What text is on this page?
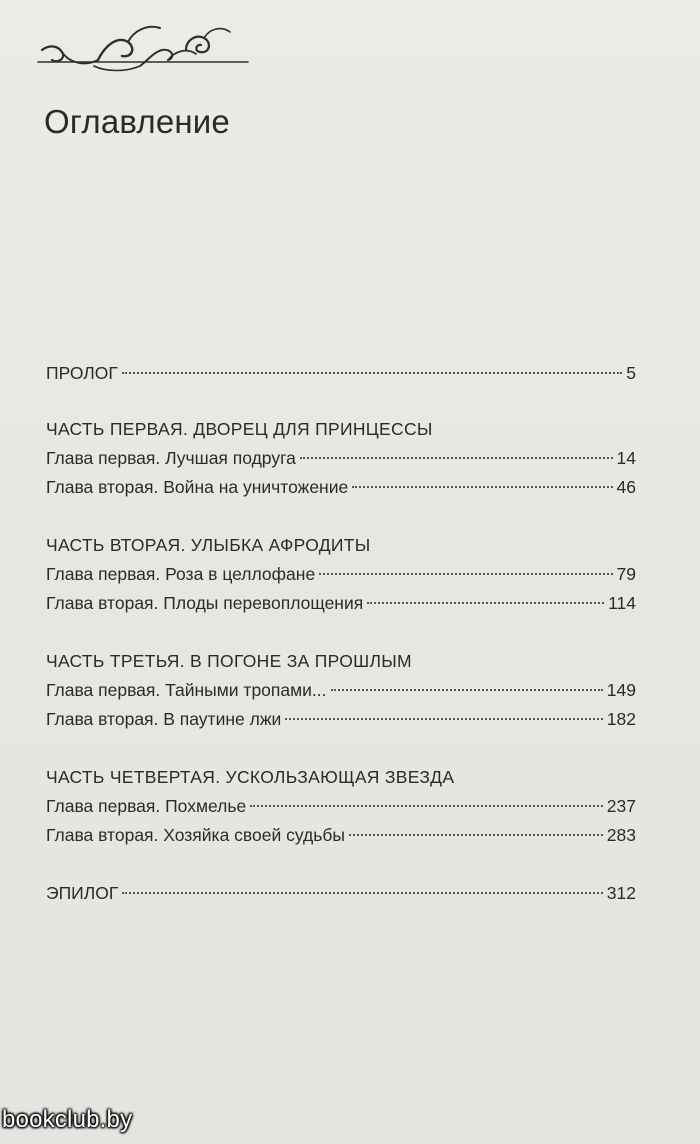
Оглавление
ПРОЛОГ	5
ЧАСТЬ ПЕРВАЯ. ДВОРЕЦ ДЛЯ ПРИНЦЕССЫ
Глава первая. Лучшая подруга	14
Глава вторая. Война на уничтожение	46
ЧАСТЬ ВТОРАЯ. УЛЫБКА АФРОДИТЫ
Глава первая. Роза в целлофане	79
Глава вторая. Плоды перевоплощения	114
ЧАСТЬ ТРЕТЬЯ. В ПОГОНЕ ЗА ПРОШЛЫМ
Глава первая. Тайными тропами...	149
Глава вторая. В паутине лжи	182
ЧАСТЬ ЧЕТВЕРТАЯ. УСКОЛЬЗАЮЩАЯ ЗВЕЗДА
Глава первая. Похмелье	237
Глава вторая. Хозяйка своей судьбы	283
ЭПИЛОГ	312
bookclub.by
